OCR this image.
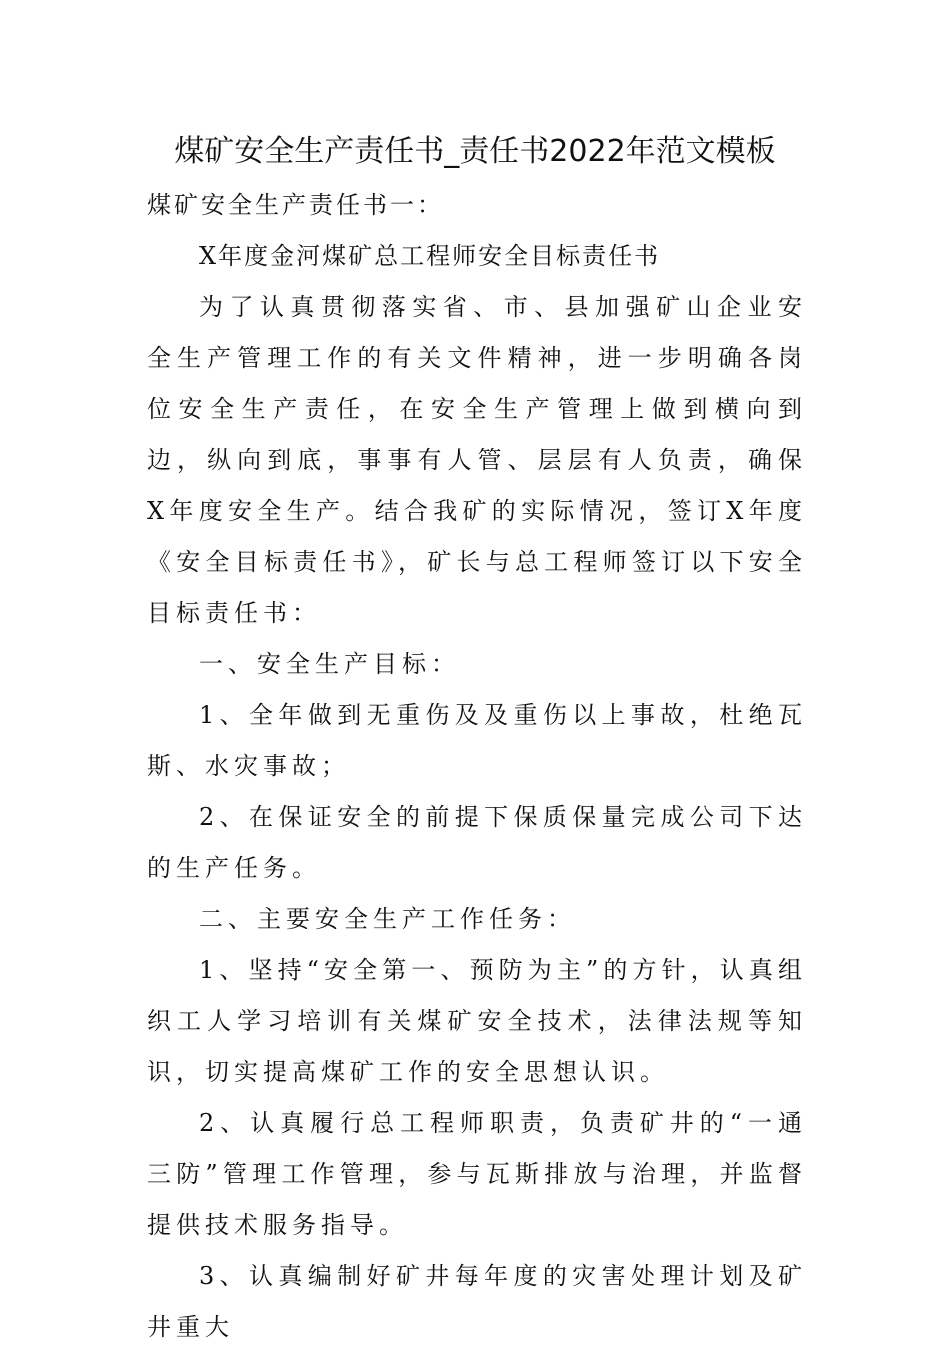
煤矿安全生产责任书_责任书2022年范文模板

煤矿安全生产责任书一：

X年度金河煤矿总工程师安全目标责任书

为了认真贯彻落实省、市、县加强矿山企业安全生产管理工作的有关文件精神，进一步明确各岗位安全生产责任，在安全生产管理上做到横向到边，纵向到底，事事有人管、层层有人负责，确保X年度安全生产。结合我矿的实际情况，签订X年度《安全目标责任书》，矿长与总工程师签订以下安全目标责任书：

一、安全生产目标：

1、全年做到无重伤及及重伤以上事故，杜绝瓦斯、水灾事故；

2、在保证安全的前提下保质保量完成公司下达的生产任务。

二、主要安全生产工作任务：

1、坚持“安全第一、预防为主”的方针，认真组织工人学习培训有关煤矿安全技术，法律法规等知识，切实提高煤矿工作的安全思想认识。

2、认真履行总工程师职责，负责矿井的“一通三防”管理工作管理，参与瓦斯排放与治理，并监督提供技术服务指导。

3、认真编制好矿井每年度的灾害处理计划及矿井重大
